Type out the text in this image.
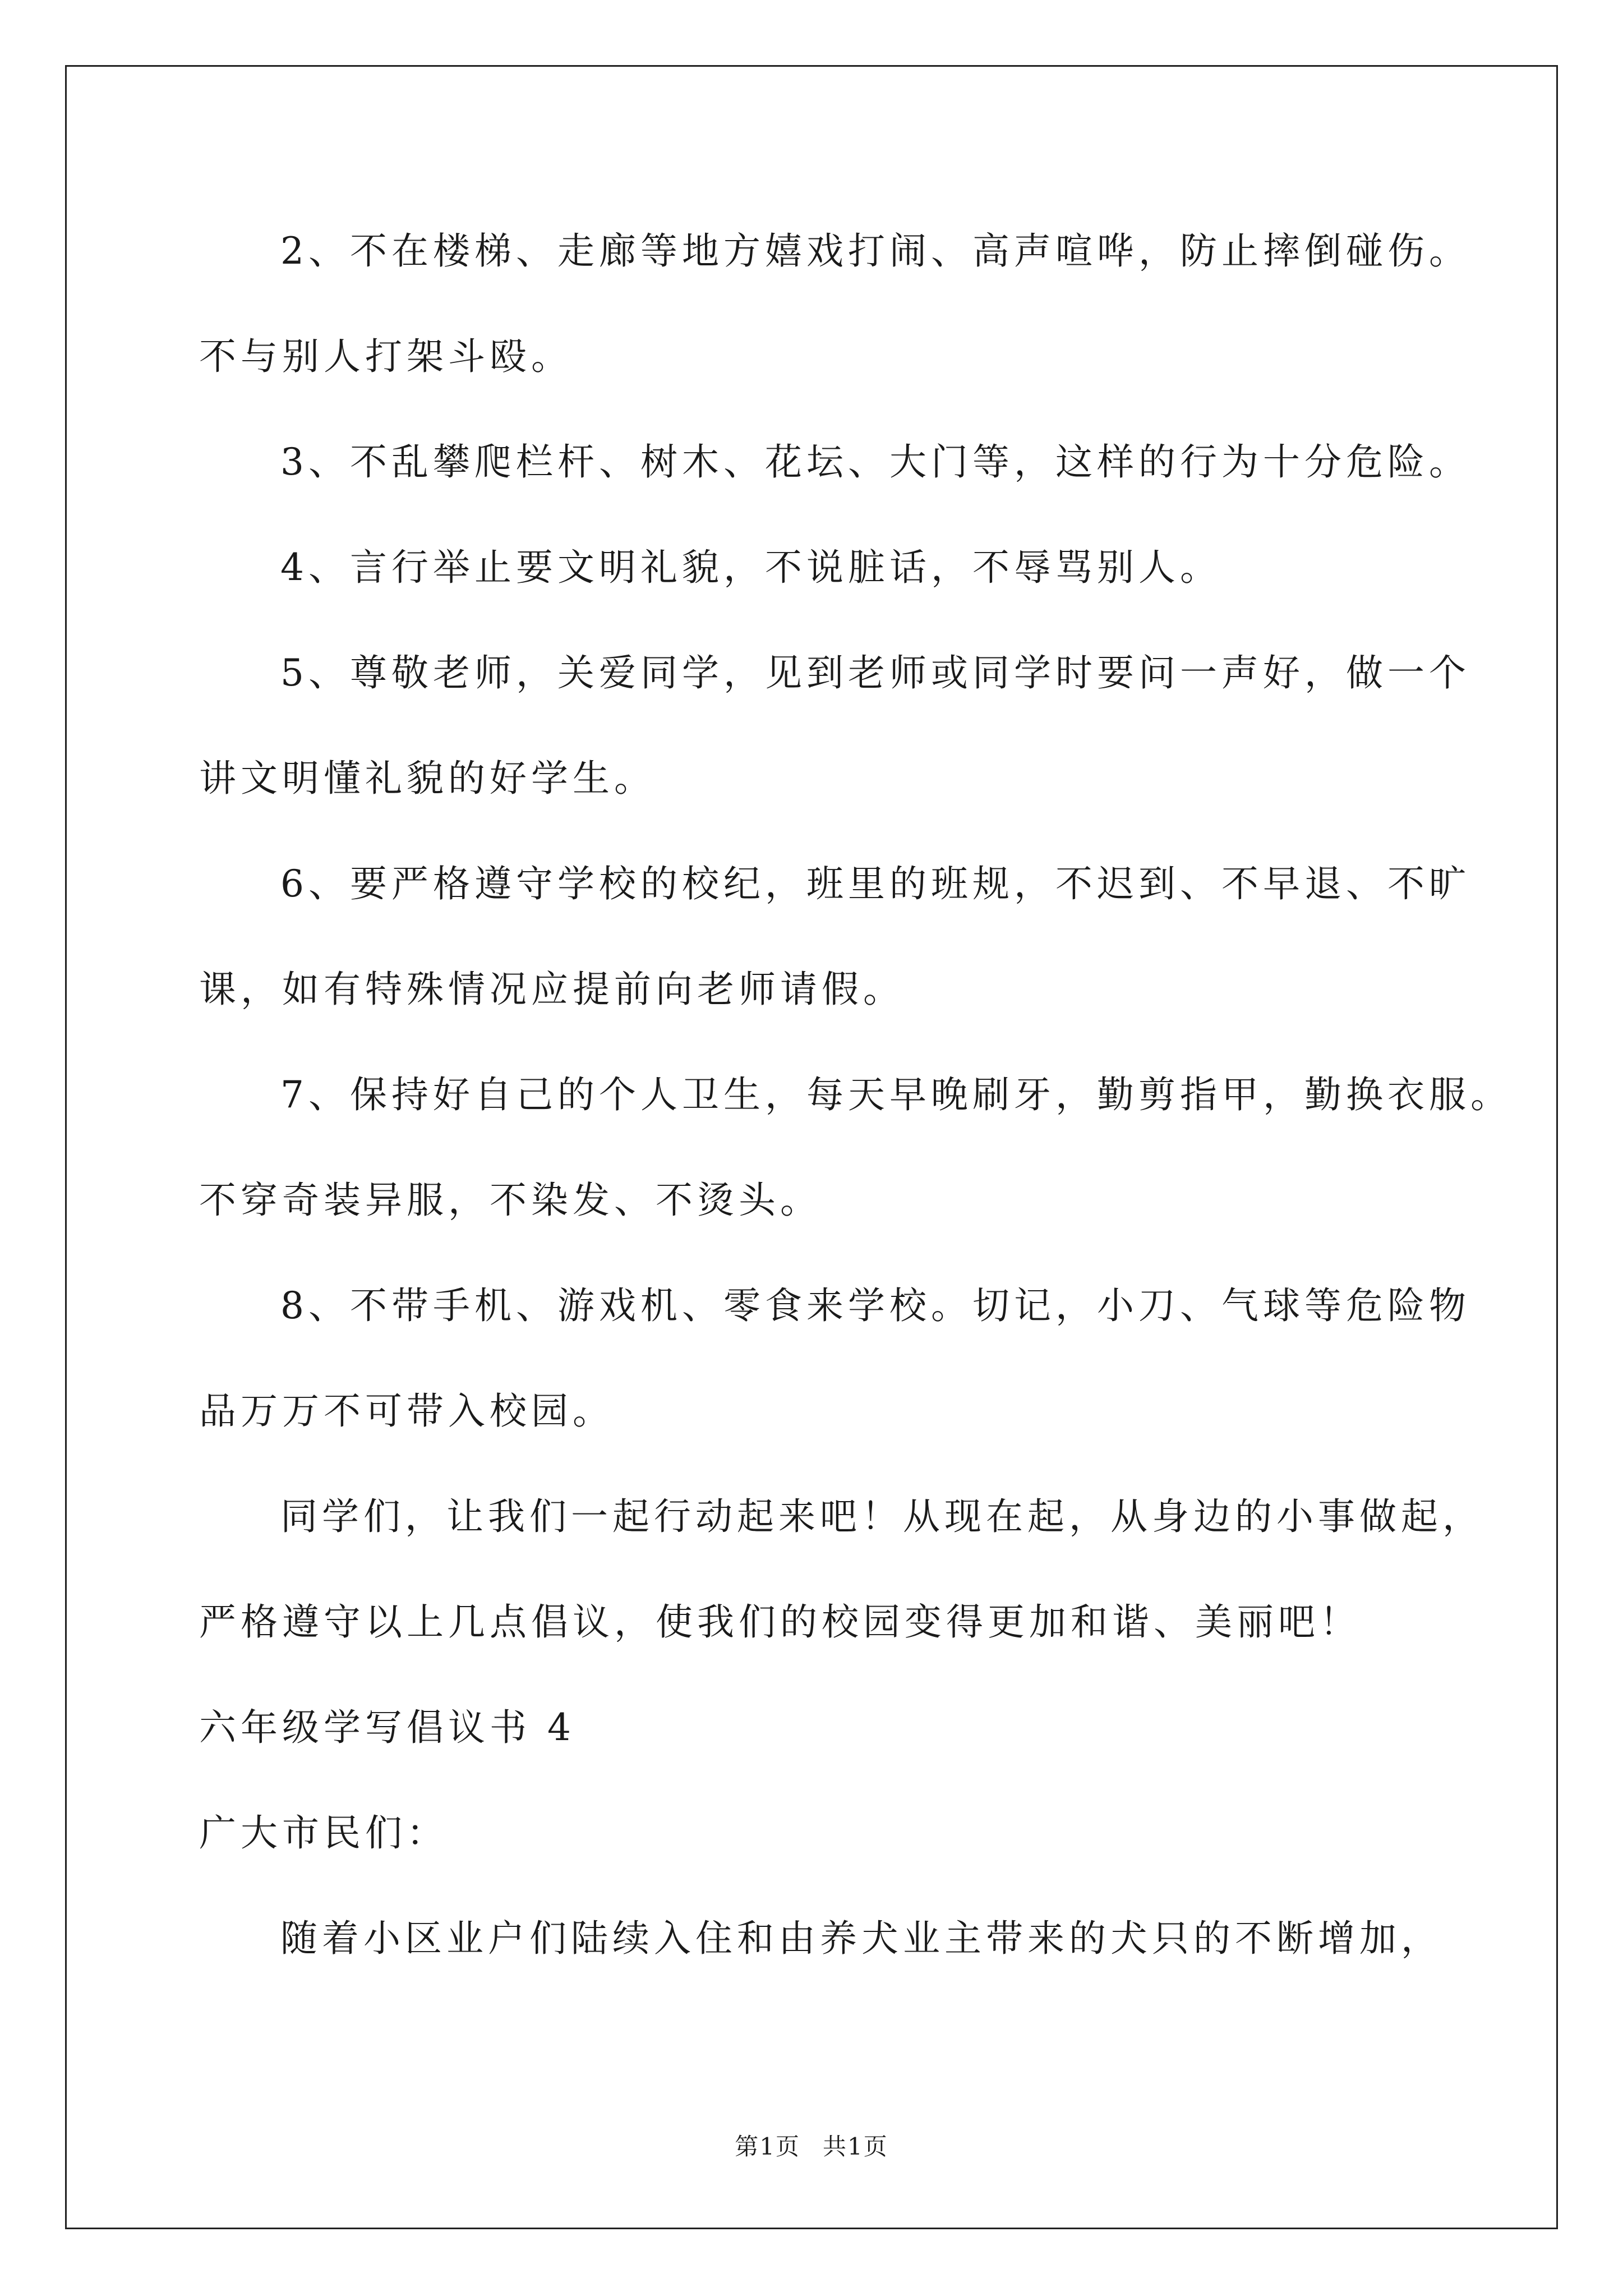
2、不在楼梯、走廊等地方嬉戏打闹、高声喧哗，防止摔倒碰伤。
不与别人打架斗殴。
3、不乱攀爬栏杆、树木、花坛、大门等，这样的行为十分危险。
4、言行举止要文明礼貌，不说脏话，不辱骂别人。
5、尊敬老师，关爱同学，见到老师或同学时要问一声好，做一个
讲文明懂礼貌的好学生。
6、要严格遵守学校的校纪，班里的班规，不迟到、不早退、不旷
课，如有特殊情况应提前向老师请假。
7、保持好自己的个人卫生，每天早晚刷牙，勤剪指甲，勤换衣服。
不穿奇装异服，不染发、不烫头。
8、不带手机、游戏机、零食来学校。切记，小刀、气球等危险物
品万万不可带入校园。
同学们，让我们一起行动起来吧！从现在起，从身边的小事做起，
严格遵守以上几点倡议，使我们的校园变得更加和谐、美丽吧！
六年级学写倡议书 4
广大市民们：
随着小区业户们陆续入住和由养犬业主带来的犬只的不断增加，
第1页 共1页
